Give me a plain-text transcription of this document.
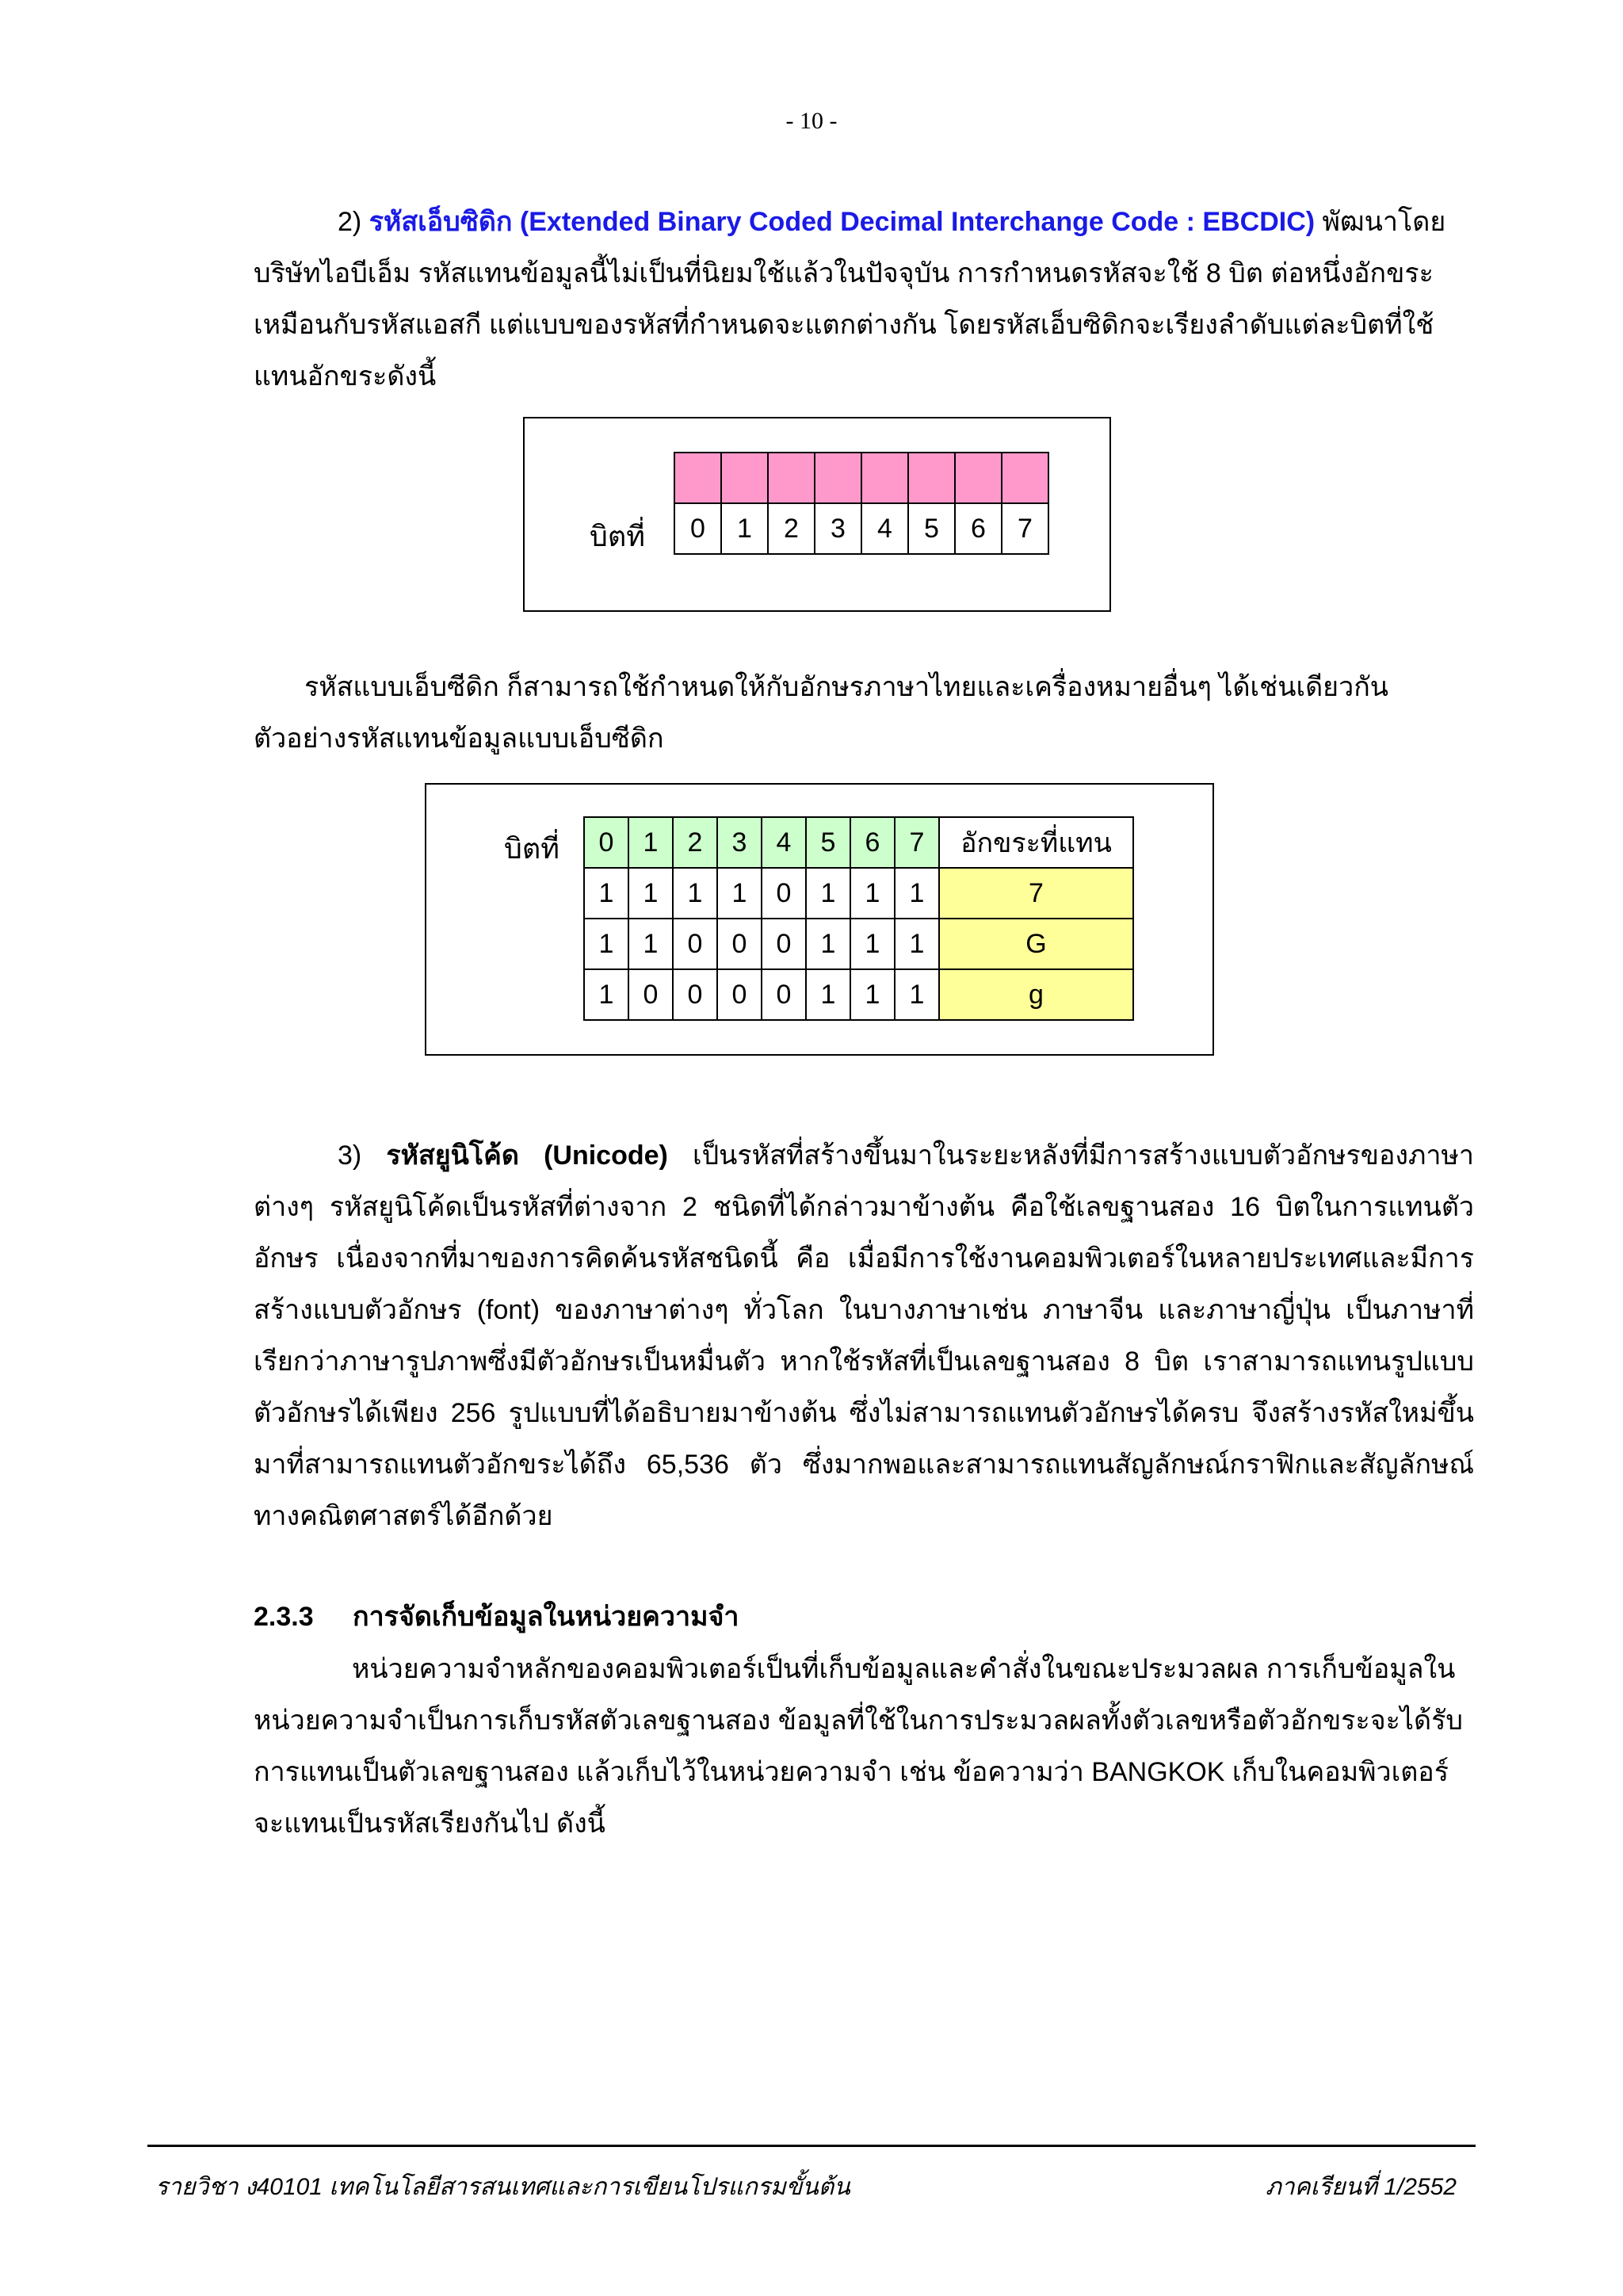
- 10 -

2) รหัสเอ็บซิดิก (Extended Binary Coded Decimal Interchange Code : EBCDIC) พัฒนาโดยบริษัทไอบีเอ็ม รหัสแทนข้อมูลนี้ไม่เป็นที่นิยมใช้แล้วในปัจจุบัน การกำหนดรหัสจะใช้ 8 บิต ต่อหนึ่งอักขระเหมือนกับรหัสแอสกี แต่แบบของรหัสที่กำหนดจะแตกต่างกัน โดยรหัสเอ็บซิดิกจะเรียงลำดับแต่ละบิตที่ใช้แทนอักขระดังนี้

บิตที่	0	1	2	3	4	5	6	7

รหัสแบบเอ็บซีดิก ก็สามารถใช้กำหนดให้กับอักษรภาษาไทยและเครื่องหมายอื่นๆ ได้เช่นเดียวกัน

ตัวอย่างรหัสแทนข้อมูลแบบเอ็บซีดิก

บิตที่ 0	1	2	3	4	5	6	7	อักขระที่แทน
1	1	1	1	0	1	1	1	7
1	1	0	0	0	1	1	1	G
1	0	0	0	0	1	1	1	g

3) รหัสยูนิโค้ด (Unicode) เป็นรหัสที่สร้างขึ้นมาในระยะหลังที่มีการสร้างแบบตัวอักษรของภาษาต่างๆ รหัสยูนิโค้ดเป็นรหัสที่ต่างจาก 2 ชนิดที่ได้กล่าวมาข้างต้น คือใช้เลขฐานสอง 16 บิตในการแทนตัวอักษร เนื่องจากที่มาของการคิดค้นรหัสชนิดนี้ คือ เมื่อมีการใช้งานคอมพิวเตอร์ในหลายประเทศและมีการสร้างแบบตัวอักษร (font) ของภาษาต่างๆ ทั่วโลก ในบางภาษาเช่น ภาษาจีน และภาษาญี่ปุ่น เป็นภาษาที่เรียกว่าภาษารูปภาพซึ่งมีตัวอักษรเป็นหมื่นตัว หากใช้รหัสที่เป็นเลขฐานสอง 8 บิต เราสามารถแทนรูปแบบตัวอักษรได้เพียง 256 รูปแบบที่ได้อธิบายมาข้างต้น ซึ่งไม่สามารถแทนตัวอักษรได้ครบ จึงสร้างรหัสใหม่ขึ้นมาที่สามารถแทนตัวอักขระได้ถึง 65,536 ตัว ซึ่งมากพอและสามารถแทนสัญลักษณ์กราฟิกและสัญลักษณ์ทางคณิตศาสตร์ได้อีกด้วย

2.3.3 การจัดเก็บข้อมูลในหน่วยความจำ

หน่วยความจำหลักของคอมพิวเตอร์เป็นที่เก็บข้อมูลและคำสั่งในขณะประมวลผล การเก็บข้อมูลในหน่วยความจำเป็นการเก็บรหัสตัวเลขฐานสอง ข้อมูลที่ใช้ในการประมวลผลทั้งตัวเลขหรือตัวอักขระจะได้รับการแทนเป็นตัวเลขฐานสอง แล้วเก็บไว้ในหน่วยความจำ เช่น ข้อความว่า BANGKOK เก็บในคอมพิวเตอร์จะแทนเป็นรหัสเรียงกันไป ดังนี้

รายวิชา ง40101 เทคโนโลยีสารสนเทศและการเขียนโปรแกรมขั้นต้น	ภาคเรียนที่ 1/2552
